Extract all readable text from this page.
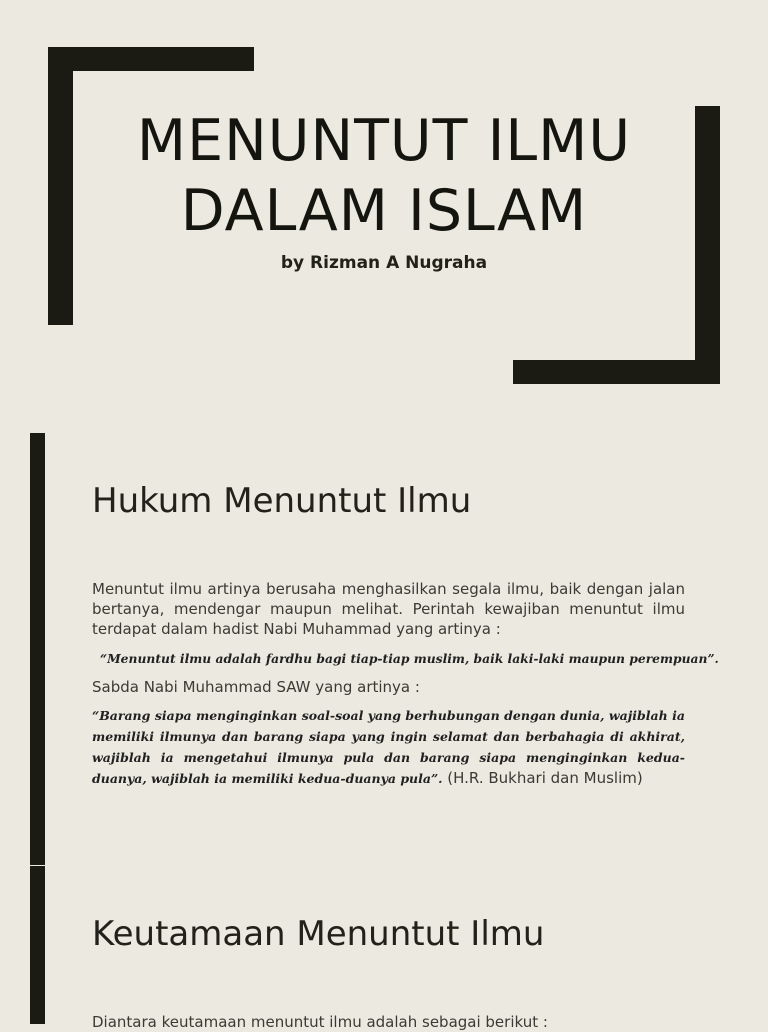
MENUNTUT ILMU
DALAM ISLAM
by Rizman A Nugraha
Hukum Menuntut Ilmu
Menuntut ilmu artinya berusaha menghasilkan segala ilmu, baik dengan jalan bertanya, mendengar maupun melihat. Perintah kewajiban menuntut ilmu terdapat dalam hadist Nabi Muhammad yang artinya :
“Menuntut ilmu adalah fardhu bagi tiap-tiap muslim, baik laki-laki maupun perempuan”.
Sabda Nabi Muhammad SAW yang artinya :
“Barang siapa menginginkan soal-soal yang berhubungan dengan dunia, wajiblah ia memiliki ilmunya dan barang siapa yang ingin selamat dan berbahagia di akhirat, wajiblah ia mengetahui ilmunya pula dan barang siapa menginginkan kedua-duanya, wajiblah ia memiliki kedua-duanya pula”. (H.R. Bukhari dan Muslim)
Keutamaan Menuntut Ilmu
Diantara keutamaan menuntut ilmu adalah sebagai berikut :
